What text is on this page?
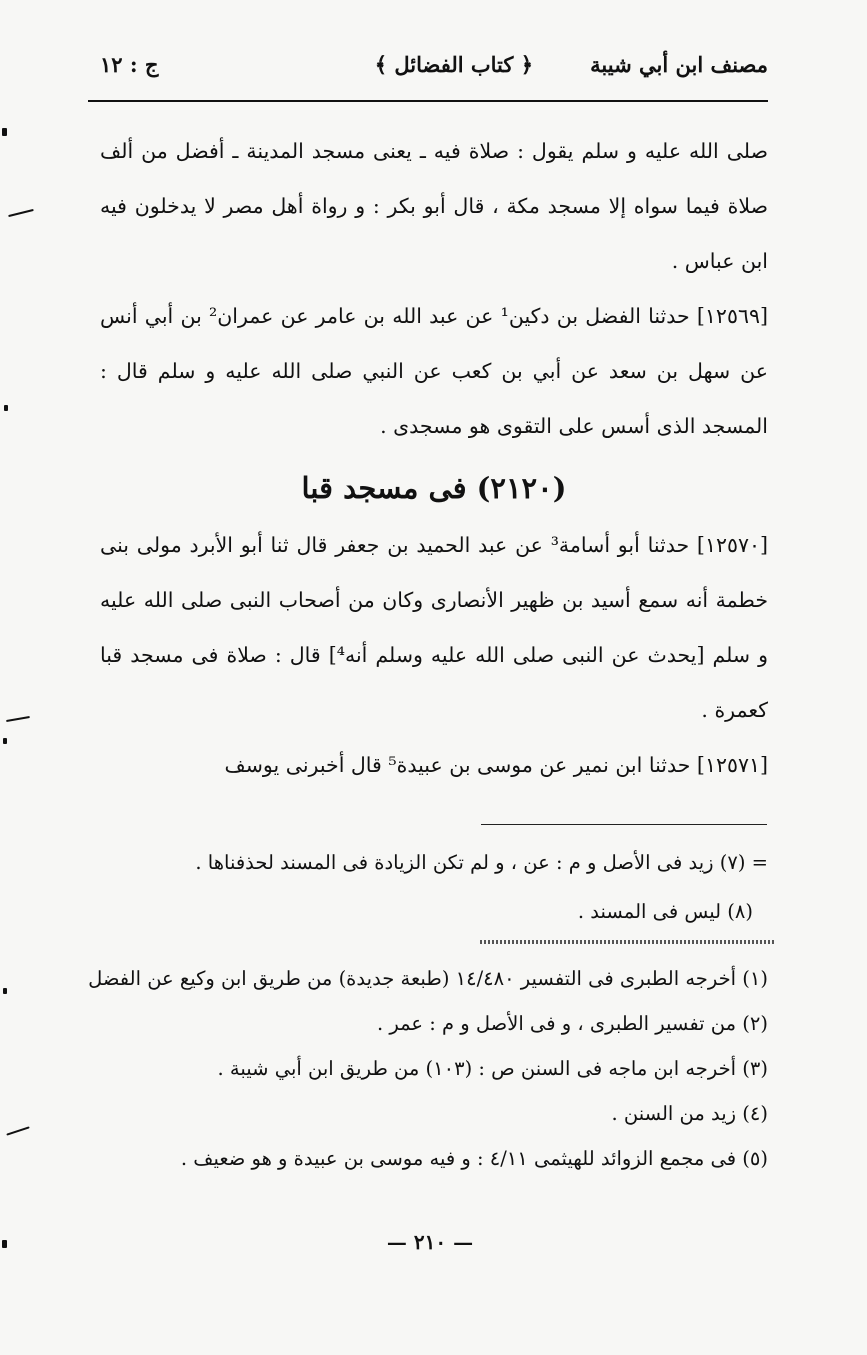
مصنف ابن أبي شيبة
﴿ كتاب الفضائل ﴾
ج : ١٢

صلى الله عليه و سلم يقول : صلاة فيه ـ يعنى مسجد المدينة ـ أفضل من ألف صلاة فيما سواه إلا مسجد مكة ، قال أبو بكر : و رواة أهل مصر لا يدخلون فيه ابن عباس .

[١٢٥٦٩] حدثنا الفضل بن دكين¹ عن عبد الله بن عامر عن عمران² بن أبي أنس عن سهل بن سعد عن أبي بن كعب عن النبي صلى الله عليه و سلم قال : المسجد الذى أسس على التقوى هو مسجدى .

(٢١٢٠) فى مسجد قبا

[١٢٥٧٠] حدثنا أبو أسامة³ عن عبد الحميد بن جعفر قال ثنا أبو الأبرد مولى بنى خطمة أنه سمع أسيد بن ظهير الأنصارى وكان من أصحاب النبى صلى الله عليه و سلم [يحدث عن النبى صلى الله عليه وسلم أنه⁴] قال : صلاة فى مسجد قبا كعمرة .

[١٢٥٧١] حدثنا ابن نمير عن موسى بن عبيدة⁵ قال أخبرنى يوسف

= (٧) زيد فى الأصل و م : عن ، و لم تكن الزيادة فى المسند لحذفناها .

(٨) ليس فى المسند .

(١) أخرجه الطبرى فى التفسير ١٤/٤٨٠ (طبعة جديدة) من طريق ابن وكيع عن الفضل

(٢) من تفسير الطبرى ، و فى الأصل و م : عمر .

(٣) أخرجه ابن ماجه فى السنن ص : (١٠٣) من طريق ابن أبي شيبة .

(٤) زيد من السنن .

(٥) فى مجمع الزوائد للهيثمى ٤/١١ : و فيه موسى بن عبيدة و هو ضعيف .

— ٢١٠ —
